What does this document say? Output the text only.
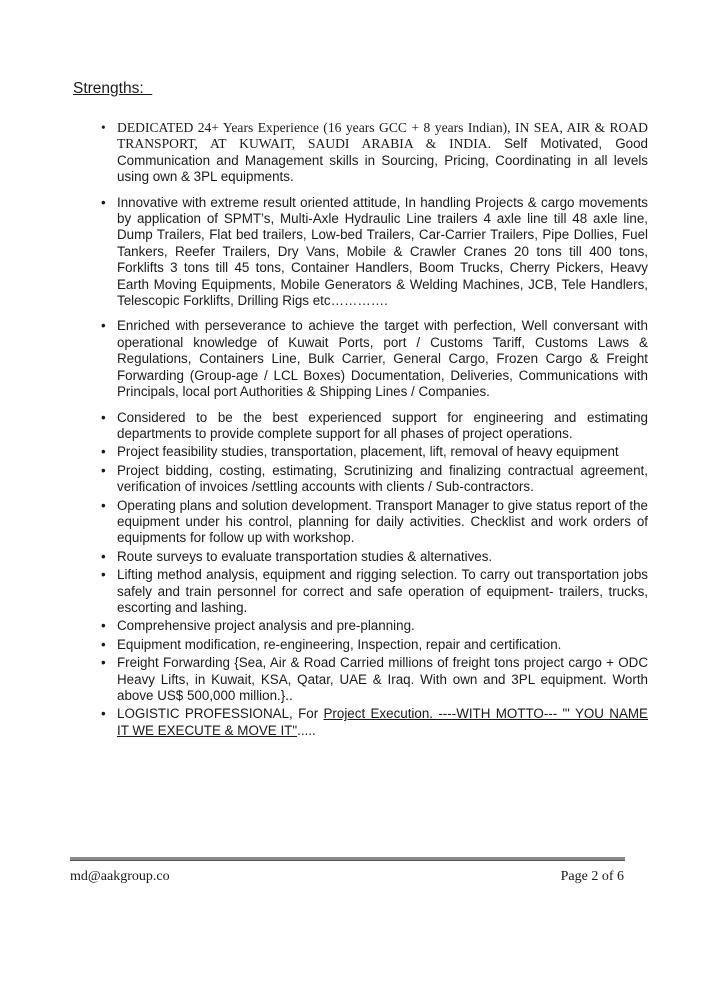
Strengths:
• DEDICATED 24+ Years Experience (16 years GCC + 8 years Indian), IN SEA, AIR & ROAD TRANSPORT, AT KUWAIT, SAUDI ARABIA & INDIA. Self Motivated, Good Communication and Management skills in Sourcing, Pricing, Coordinating in all levels using own & 3PL equipments.
• Innovative with extreme result oriented attitude, In handling Projects & cargo movements by application of SPMT’s, Multi-Axle Hydraulic Line trailers 4 axle line till 48 axle line, Dump Trailers, Flat bed trailers, Low-bed Trailers, Car-Carrier Trailers, Pipe Dollies, Fuel Tankers, Reefer Trailers, Dry Vans, Mobile & Crawler Cranes 20 tons till 400 tons, Forklifts 3 tons till 45 tons, Container Handlers, Boom Trucks, Cherry Pickers, Heavy Earth Moving Equipments, Mobile Generators & Welding Machines, JCB, Tele Handlers, Telescopic Forklifts, Drilling Rigs etc………….
• Enriched with perseverance to achieve the target with perfection, Well conversant with operational knowledge of Kuwait Ports, port / Customs Tariff, Customs Laws & Regulations, Containers Line, Bulk Carrier, General Cargo, Frozen Cargo & Freight Forwarding (Group-age / LCL Boxes) Documentation, Deliveries, Communications with Principals, local port Authorities & Shipping Lines / Companies.
• Considered to be the best experienced support for engineering and estimating departments to provide complete support for all phases of project operations.
• Project feasibility studies, transportation, placement, lift, removal of heavy equipment
• Project bidding, costing, estimating, Scrutinizing and finalizing contractual agreement, verification of invoices /settling accounts with clients / Sub-contractors.
• Operating plans and solution development. Transport Manager to give status report of the equipment under his control, planning for daily activities. Checklist and work orders of equipments for follow up with workshop.
• Route surveys to evaluate transportation studies & alternatives.
• Lifting method analysis, equipment and rigging selection. To carry out transportation jobs safely and train personnel for correct and safe operation of equipment- trailers, trucks, escorting and lashing.
• Comprehensive project analysis and pre-planning.
• Equipment modification, re-engineering, Inspection, repair and certification.
• Freight Forwarding {Sea, Air & Road Carried millions of freight tons project cargo + ODC Heavy Lifts, in Kuwait, KSA, Qatar, UAE & Iraq. With own and 3PL equipment. Worth above US$ 500,000 million.}..
• LOGISTIC PROFESSIONAL, For Project Execution. ----WITH MOTTO--- "' YOU NAME IT WE EXECUTE & MOVE IT".....
md@aakgroup.co	Page 2 of 6
